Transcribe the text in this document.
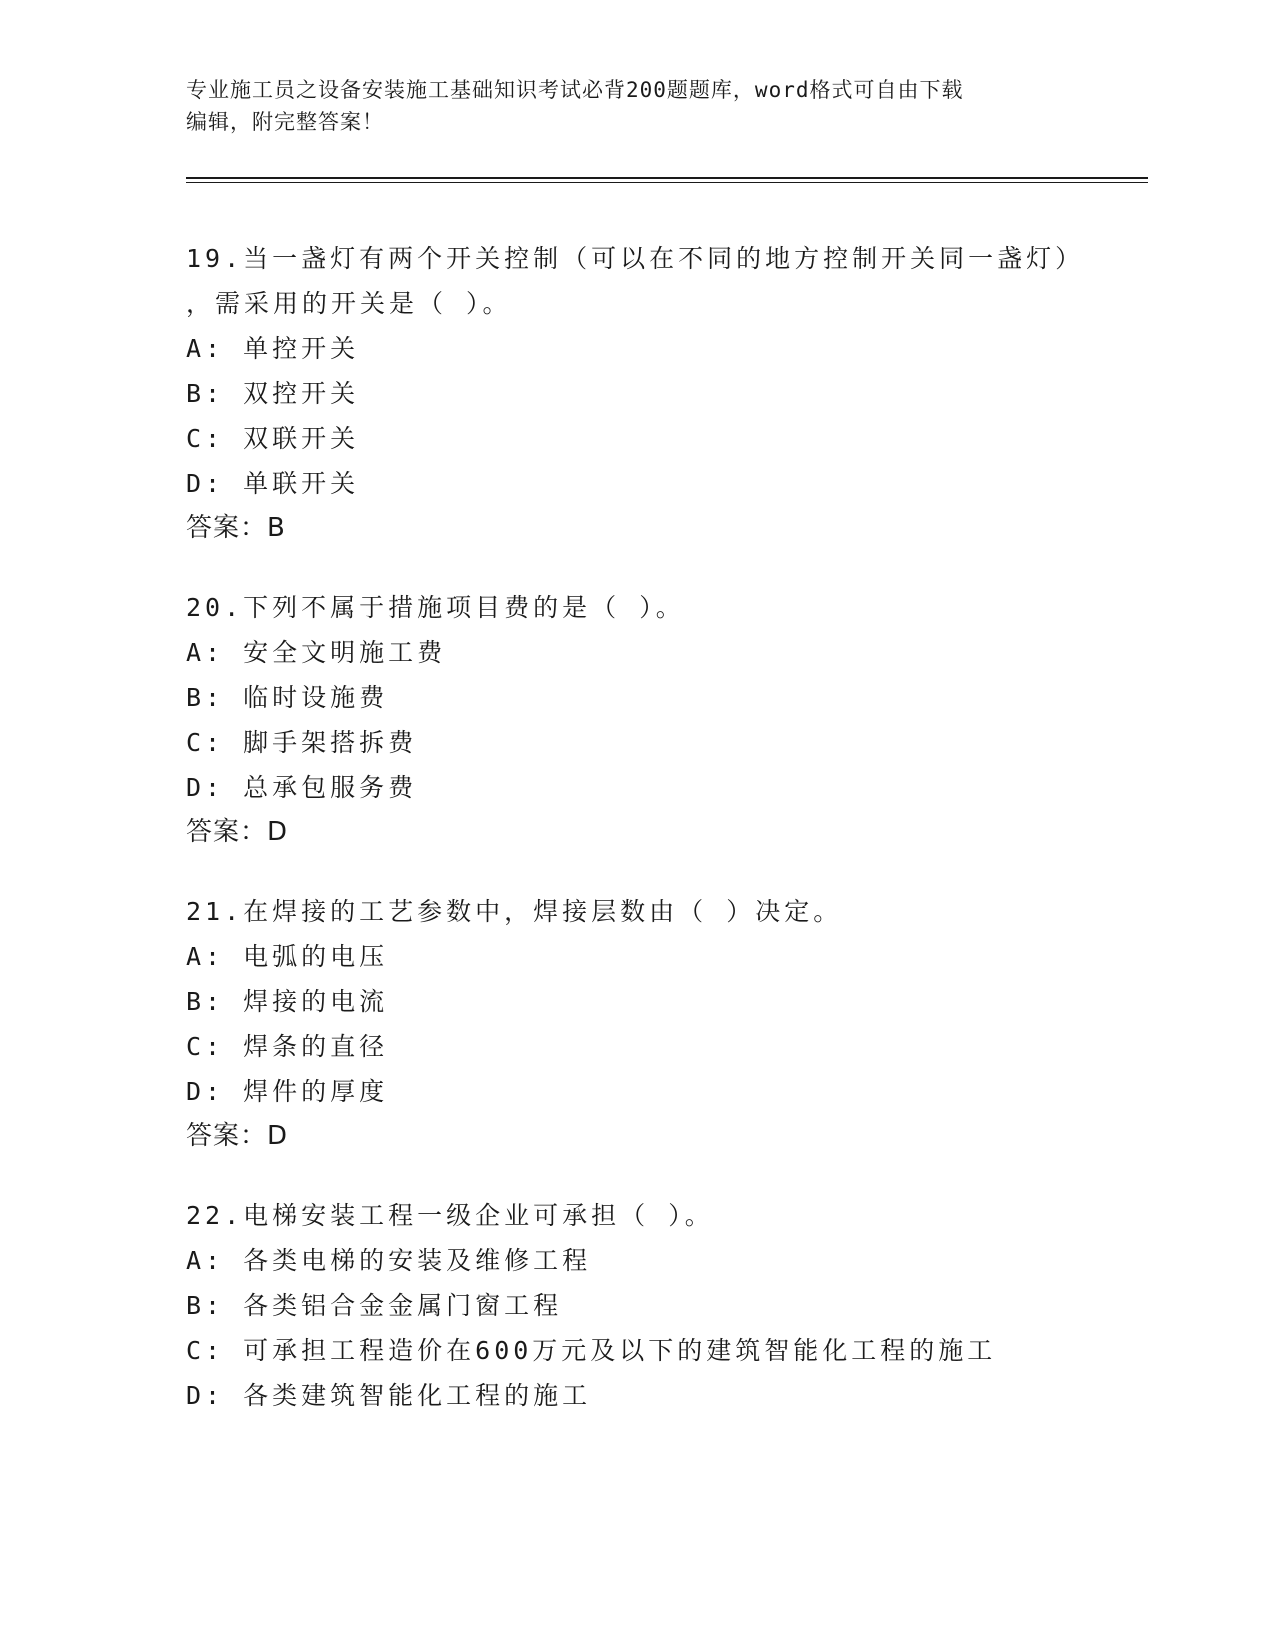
专业施工员之设备安装施工基础知识考试必背200题题库，word格式可自由下载
编辑，附完整答案！
19.当一盏灯有两个开关控制（可以在不同的地方控制开关同一盏灯）
，需采用的开关是（ ）。
A: 单控开关
B: 双控开关
C: 双联开关
D: 单联开关
答案：B
20.下列不属于措施项目费的是（ ）。
A: 安全文明施工费
B: 临时设施费
C: 脚手架搭拆费
D: 总承包服务费
答案：D
21.在焊接的工艺参数中，焊接层数由（ ）决定。
A: 电弧的电压
B: 焊接的电流
C: 焊条的直径
D: 焊件的厚度
答案：D
22.电梯安装工程一级企业可承担（ ）。
A: 各类电梯的安装及维修工程
B: 各类铝合金金属门窗工程
C: 可承担工程造价在600万元及以下的建筑智能化工程的施工
D: 各类建筑智能化工程的施工
